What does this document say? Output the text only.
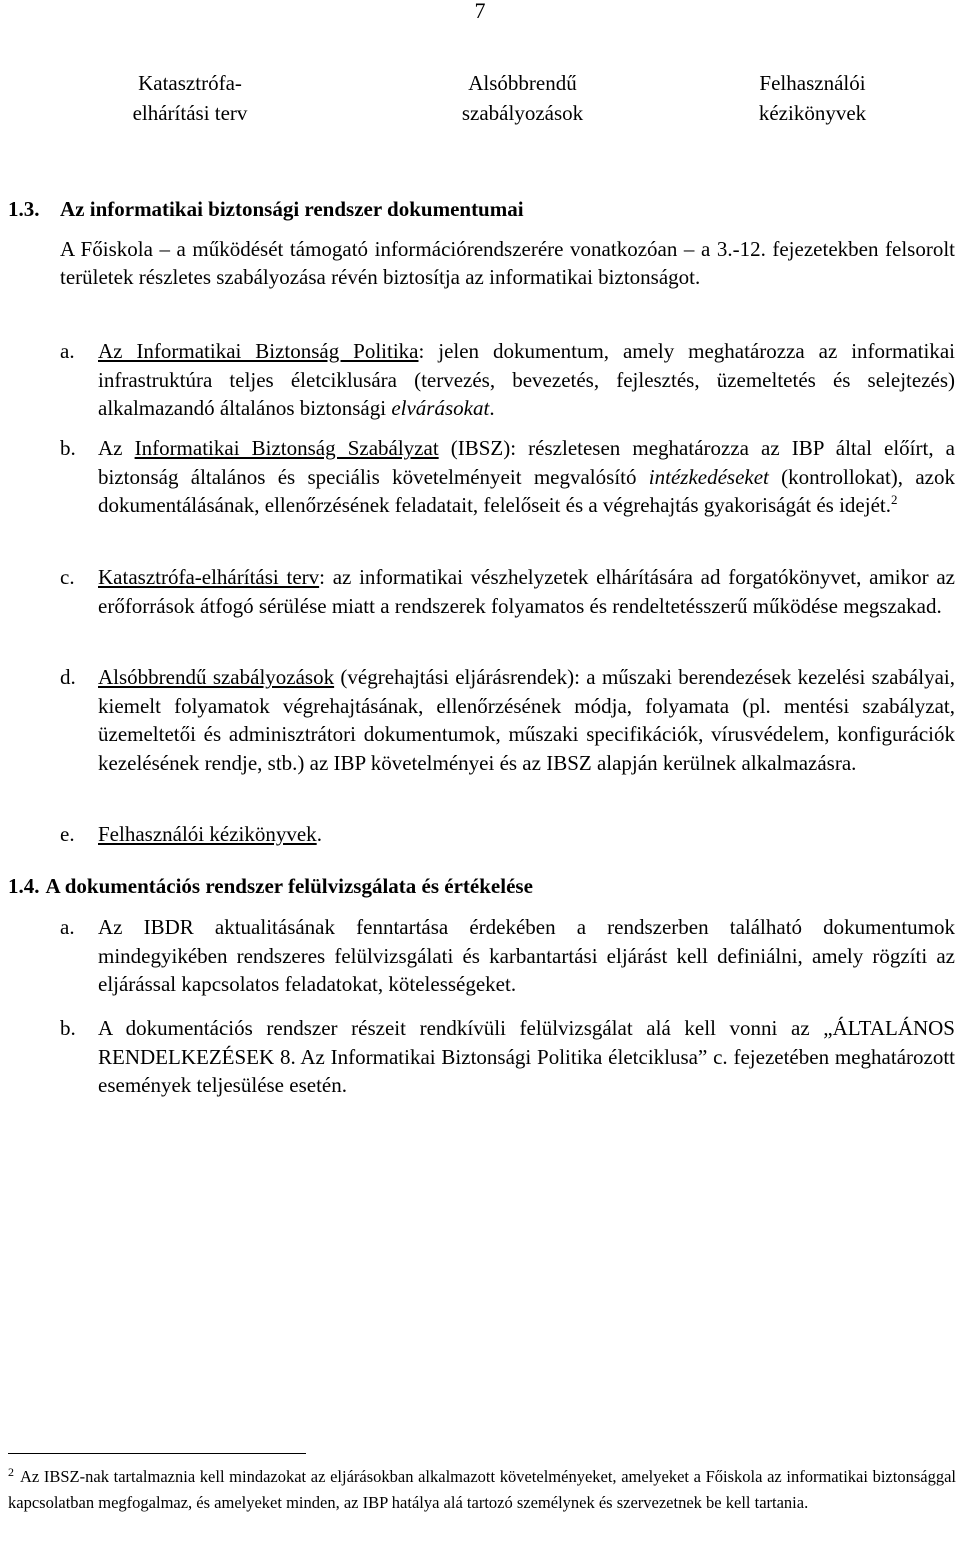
7
Katasztrófa-
elhárítási terv
Alsóbbrendű
szabályozások
Felhasználói
kézikönyvek
1.3. Az informatikai biztonsági rendszer dokumentumai
A Főiskola – a működését támogató információrendszerére vonatkozóan – a 3.-12. fejezetekben felsorolt területek részletes szabályozása révén biztosítja az informatikai biztonságot.
a.	Az Informatikai Biztonság Politika: jelen dokumentum, amely meghatározza az informatikai infrastruktúra teljes életciklusára (tervezés, bevezetés, fejlesztés, üzemeltetés és selejtezés) alkalmazandó általános biztonsági elvárásokat.
b.	Az Informatikai Biztonság Szabályzat (IBSZ): részletesen meghatározza az IBP által előírt, a biztonság általános és speciális követelményeit megvalósító intézkedéseket (kontrollokat), azok dokumentálásának, ellenőrzésének feladatait, felelőseit és a végrehajtás gyakoriságát és idejét.$^2$
c.	Katasztrófa-elhárítási terv: az informatikai vészhelyzetek elhárítására ad forgatókönyvet, amikor az erőforrások átfogó sérülése miatt a rendszerek folyamatos és rendeltetésszerű működése megszakad.
d.	Alsóbbrendű szabályozások (végrehajtási eljárásrendek): a műszaki berendezések kezelési szabályai, kiemelt folyamatok végrehajtásának, ellenőrzésének módja, folyamata (pl. mentési szabályzat, üzemeltetői és adminisztrátori dokumentumok, műszaki specifikációk, vírusvédelem, konfigurációk kezelésének rendje, stb.) az IBP követelményei és az IBSZ alapján kerülnek alkalmazásra.
e.	Felhasználói kézikönyvek.
1.4. A dokumentációs rendszer felülvizsgálata és értékelése
a.	Az IBDR aktualitásának fenntartása érdekében a rendszerben található dokumentumok mindegyikében rendszeres felülvizsgálati és karbantartási eljárást kell definiálni, amely rögzíti az eljárással kapcsolatos feladatokat, kötelességeket.
b.	A dokumentációs rendszer részeit rendkívüli felülvizsgálat alá kell vonni az „ÁLTALÁNOS RENDELKEZÉSEK 8. Az Informatikai Biztonsági Politika életciklusa” c. fejezetében meghatározott események teljesülése esetén.
$^2$ Az IBSZ-nak tartalmaznia kell mindazokat az eljárásokban alkalmazott követelményeket, amelyeket a Főiskola az informatikai biztonsággal kapcsolatban megfogalmaz, és amelyeket minden, az IBP hatálya alá tartozó személynek és szervezetnek be kell tartania.
